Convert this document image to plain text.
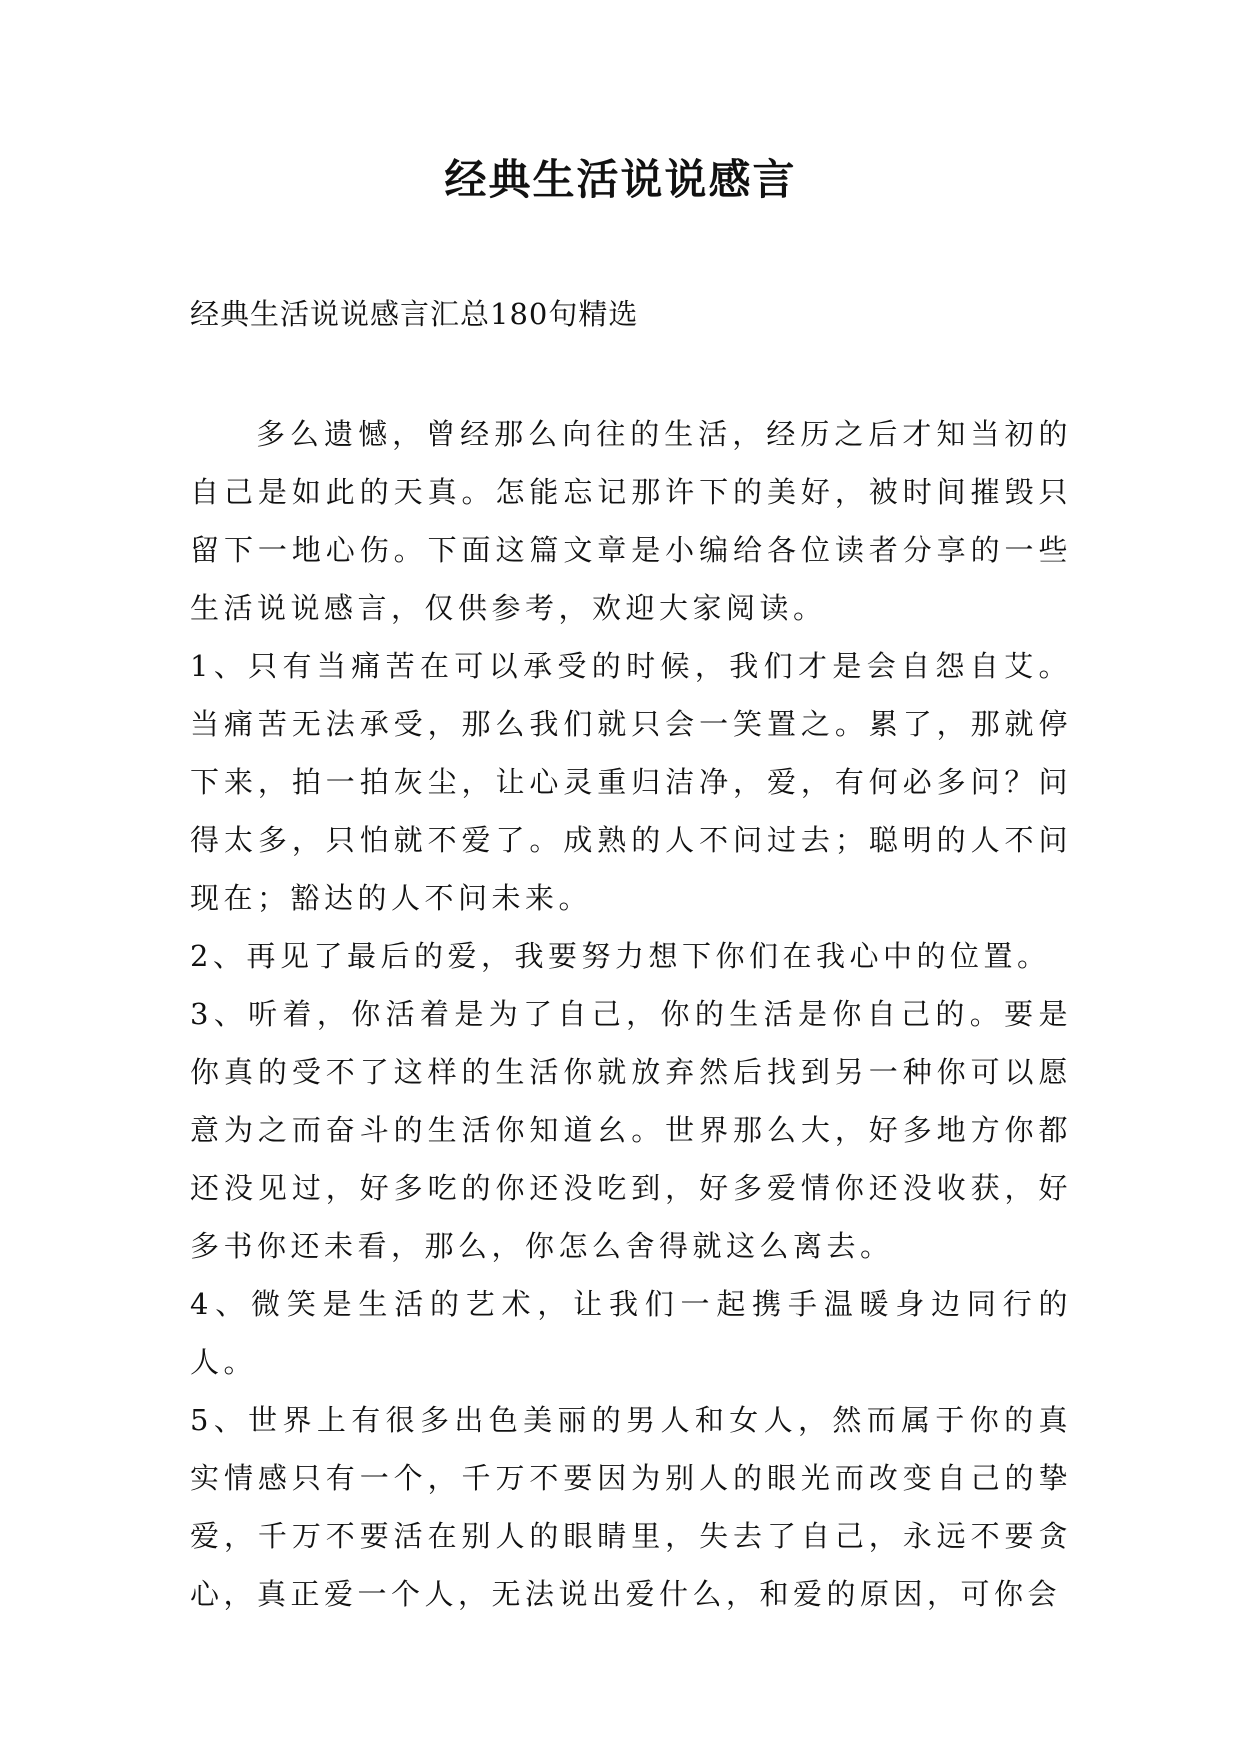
经典生活说说感言

经典生活说说感言汇总180句精选

多么遗憾，曾经那么向往的生活，经历之后才知当初的自己是如此的天真。怎能忘记那许下的美好，被时间摧毁只留下一地心伤。下面这篇文章是小编给各位读者分享的一些生活说说感言，仅供参考，欢迎大家阅读。

1、只有当痛苦在可以承受的时候，我们才是会自怨自艾。当痛苦无法承受，那么我们就只会一笑置之。累了，那就停下来，拍一拍灰尘，让心灵重归洁净，爱，有何必多问？问得太多，只怕就不爱了。成熟的人不问过去；聪明的人不问现在；豁达的人不问未来。

2、再见了最后的爱，我要努力想下你们在我心中的位置。

3、听着，你活着是为了自己，你的生活是你自己的。要是你真的受不了这样的生活你就放弃然后找到另一种你可以愿意为之而奋斗的生活你知道幺。世界那么大，好多地方你都还没见过，好多吃的你还没吃到，好多爱情你还没收获，好多书你还未看，那么，你怎么舍得就这么离去。

4、微笑是生活的艺术，让我们一起携手温暖身边同行的人。

5、世界上有很多出色美丽的男人和女人，然而属于你的真实情感只有一个，千万不要因为别人的眼光而改变自己的挚爱，千万不要活在别人的眼睛里，失去了自己，永远不要贪心，真正爱一个人，无法说出爱什么，和爱的原因，可你会
